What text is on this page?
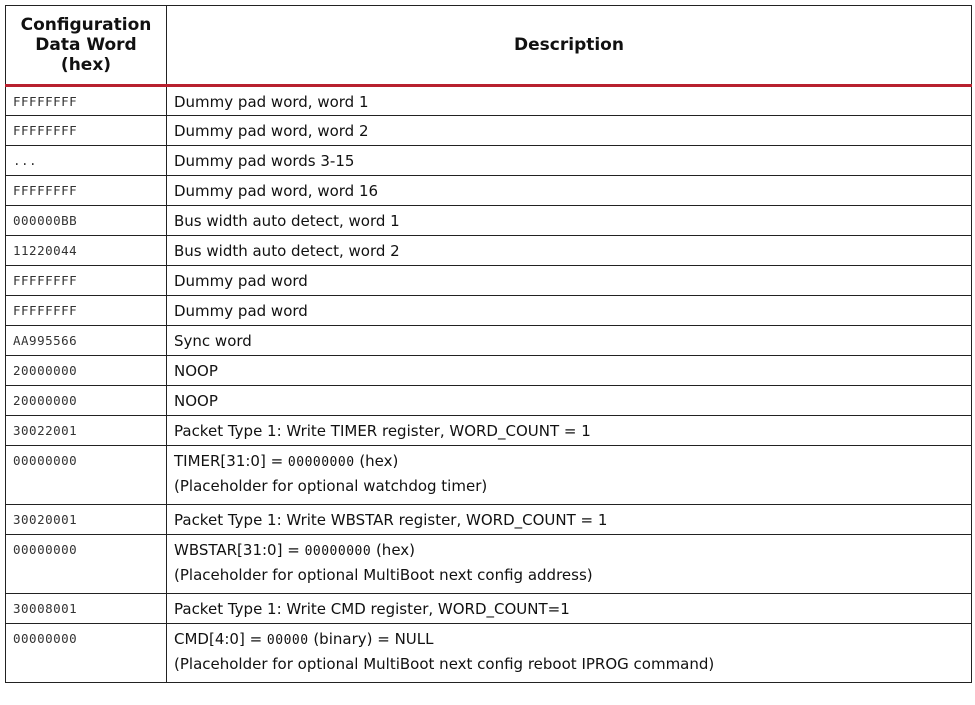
Configuration
Data Word
(hex)	Description
FFFFFFFF	Dummy pad word, word 1
FFFFFFFF	Dummy pad word, word 2
...	Dummy pad words 3-15
FFFFFFFF	Dummy pad word, word 16
000000BB	Bus width auto detect, word 1
11220044	Bus width auto detect, word 2
FFFFFFFF	Dummy pad word
FFFFFFFF	Dummy pad word
AA995566	Sync word
20000000	NOOP
20000000	NOOP
30022001	Packet Type 1: Write TIMER register, WORD_COUNT = 1
00000000	TIMER[31:0] = 00000000 (hex)
(Placeholder for optional watchdog timer)

30020001	Packet Type 1: Write WBSTAR register, WORD_COUNT = 1
00000000	WBSTAR[31:0] = 00000000 (hex)
(Placeholder for optional MultiBoot next config address)

30008001	Packet Type 1: Write CMD register, WORD_COUNT=1
00000000	CMD[4:0] = 00000 (binary) = NULL
(Placeholder for optional MultiBoot next config reboot IPROG command)
